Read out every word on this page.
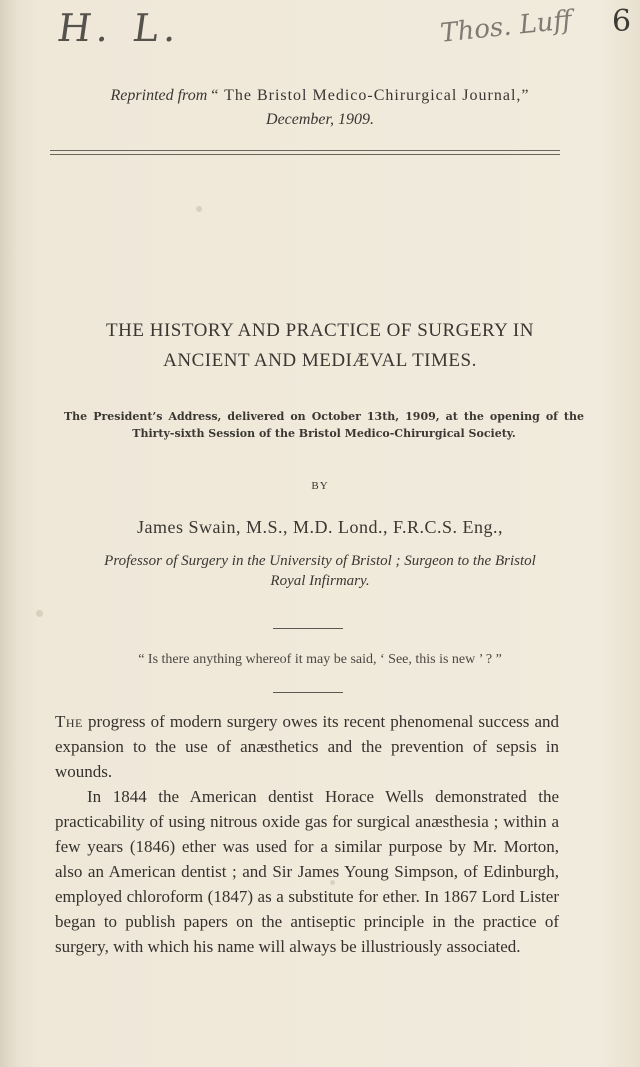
H. L.	Thos. Luff 6
Reprinted from “ The Bristol Medico-Chirurgical Journal,”
December, 1909.
THE HISTORY AND PRACTICE OF SURGERY IN
ANCIENT AND MEDIÆVAL TIMES.
The President’s Address, delivered on October 13th, 1909, at the opening of the Thirty-sixth Session of the Bristol Medico-Chirurgical Society.
BY
James Swain, M.S., M.D. Lond., F.R.C.S. Eng.,
Professor of Surgery in the University of Bristol ; Surgeon to the Bristol
Royal Infirmary.
“ Is there anything whereof it may be said, ‘ See, this is new ’ ? ”

The progress of modern surgery owes its recent phenomenal success and expansion to the use of anæsthetics and the prevention of sepsis in wounds.

In 1844 the American dentist Horace Wells demonstrated the practicability of using nitrous oxide gas for surgical anæsthesia ; within a few years (1846) ether was used for a similar purpose by Mr. Morton, also an American dentist ; and Sir James Young Simpson, of Edinburgh, employed chloroform (1847) as a substitute for ether. In 1867 Lord Lister began to publish papers on the antiseptic principle in the practice of surgery, with which his name will always be illustriously associated.
